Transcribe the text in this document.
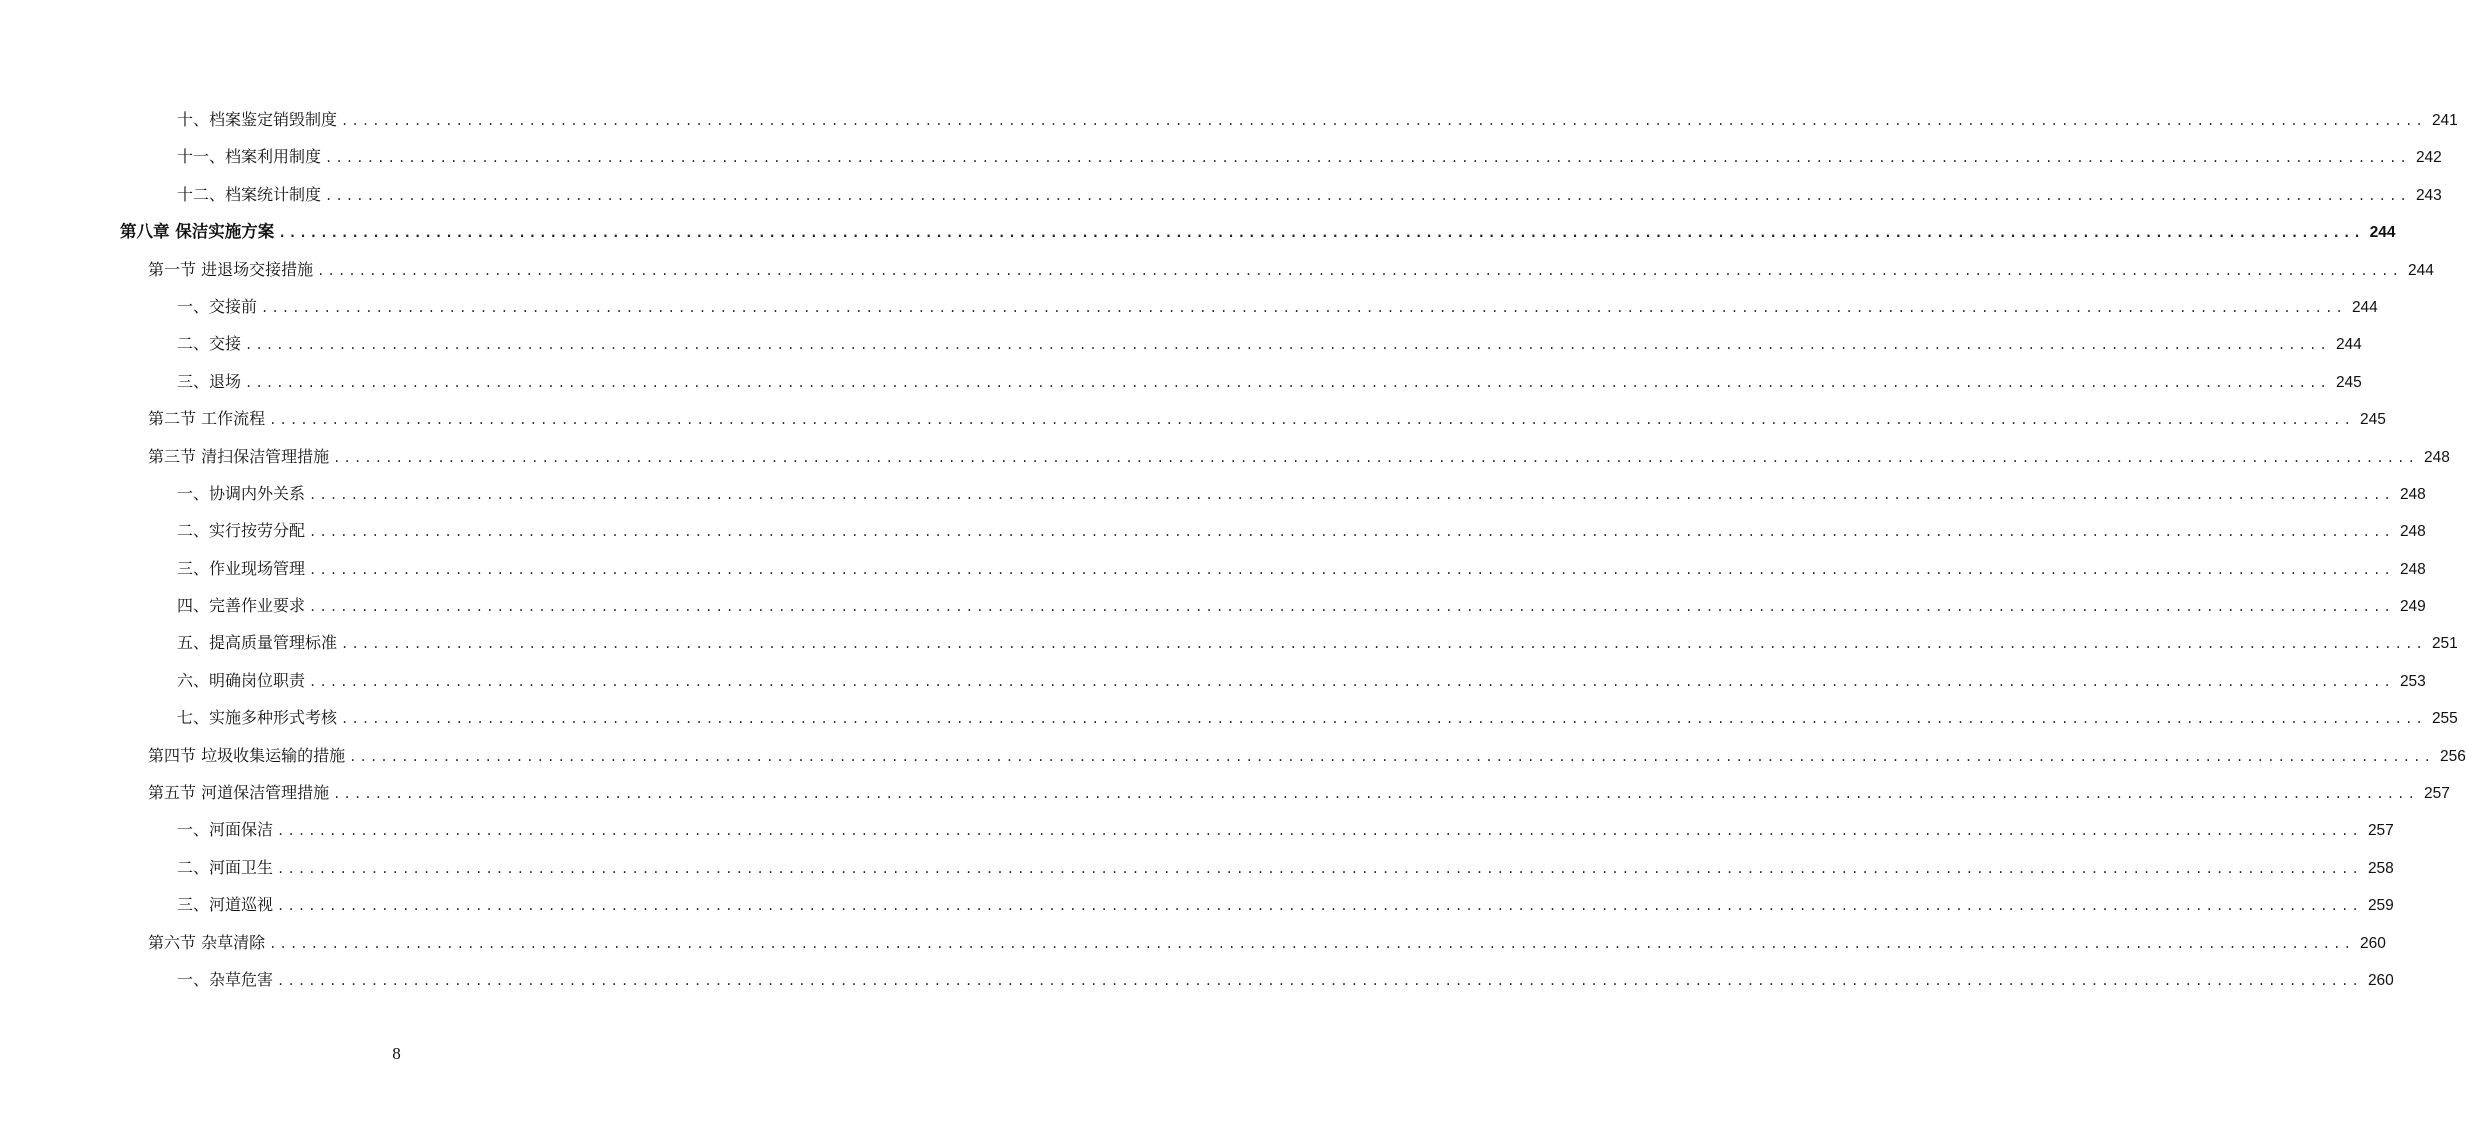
十、档案鉴定销毁制度 ........................................................................................................................................................................................................ 241
十一、档案利用制度 ........................................................................................................................................................................................................ 242
十二、档案统计制度 ........................................................................................................................................................................................................ 243
第八章 保洁实施方案 ........................................................................................................................................................................................................ 244
第一节 进退场交接措施 ........................................................................................................................................................................................................ 244
一、交接前 ........................................................................................................................................................................................................ 244
二、交接 ........................................................................................................................................................................................................ 244
三、退场 ........................................................................................................................................................................................................ 245
第二节 工作流程 ........................................................................................................................................................................................................ 245
第三节 清扫保洁管理措施 ........................................................................................................................................................................................................ 248
一、协调内外关系 ........................................................................................................................................................................................................ 248
二、实行按劳分配 ........................................................................................................................................................................................................ 248
三、作业现场管理 ........................................................................................................................................................................................................ 248
四、完善作业要求 ........................................................................................................................................................................................................ 249
五、提高质量管理标准 ........................................................................................................................................................................................................ 251
六、明确岗位职责 ........................................................................................................................................................................................................ 253
七、实施多种形式考核 ........................................................................................................................................................................................................ 255
第四节 垃圾收集运输的措施 ........................................................................................................................................................................................................ 256
第五节 河道保洁管理措施 ........................................................................................................................................................................................................ 257
一、河面保洁 ........................................................................................................................................................................................................ 257
二、河面卫生 ........................................................................................................................................................................................................ 258
三、河道巡视 ........................................................................................................................................................................................................ 259
第六节 杂草清除 ........................................................................................................................................................................................................ 260
一、杂草危害 ........................................................................................................................................................................................................ 260
8
